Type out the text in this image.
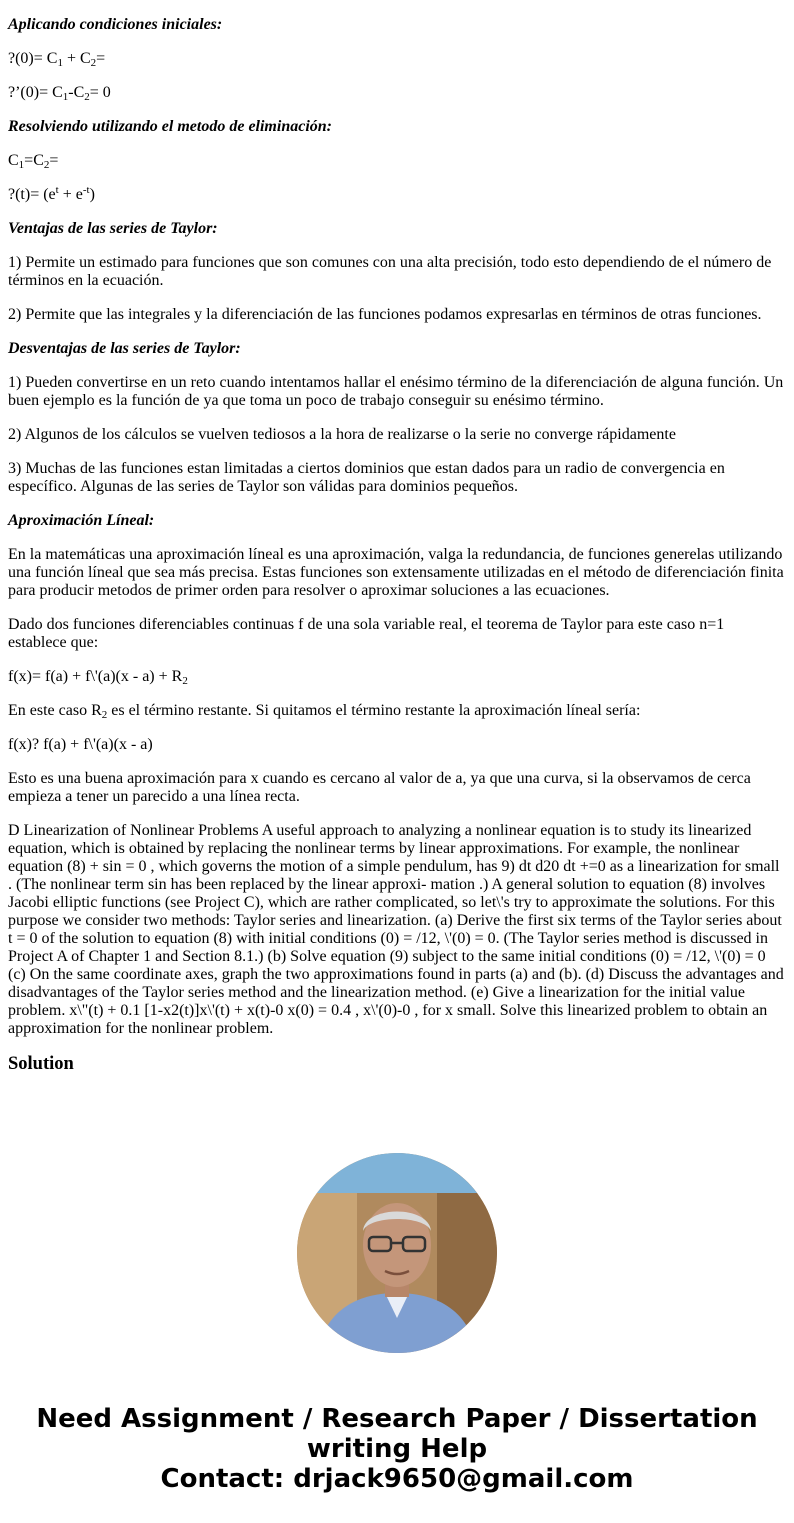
Aplicando condiciones iniciales:

?(0)= $C_1 + C_2=$

?’(0)= $C_1-C_2= 0$

Resolviendo utilizando el metodo de eliminación:

$C_1=C_2=$

?(t)= $(e^t + e^{-t})$

Ventajas de las series de Taylor:

1) Permite un estimado para funciones que son comunes con una alta precisión, todo esto dependiendo de el número de términos en la ecuación.

2) Permite que las integrales y la diferenciación de las funciones podamos expresarlas en términos de otras funciones.

Desventajas de las series de Taylor:

1) Pueden convertirse en un reto cuando intentamos hallar el enésimo término de la diferenciación de alguna función. Un buen ejemplo es la función de ya que toma un poco de trabajo conseguir su enésimo término.

2) Algunos de los cálculos se vuelven tediosos a la hora de realizarse o la serie no converge rápidamente

3) Muchas de las funciones estan limitadas a ciertos dominios que estan dados para un radio de convergencia en específico. Algunas de las series de Taylor son válidas para dominios pequeños.

Aproximación Líneal:

En la matemáticas una aproximación líneal es una aproximación, valga la redundancia, de funciones generelas utilizando una función líneal que sea más precisa. Estas funciones son extensamente utilizadas en el método de diferenciación finita para producir metodos de primer orden para resolver o aproximar soluciones a las ecuaciones.

Dado dos funciones diferenciables continuas f de una sola variable real, el teorema de Taylor para este caso n=1 establece que:

f(x)= f(a) + f\'(a)(x - $a) + R_2$

En este caso $R_2$ es el término restante. Si quitamos el término restante la aproximación líneal sería:

f(x)? f(a) + f\'(a)(x - a)

Esto es una buena aproximación para x cuando es cercano al valor de a, ya que una curva, si la observamos de cerca empieza a tener un parecido a una línea recta.

D Linearization of Nonlinear Problems A useful approach to analyzing a nonlinear equation is to study its linearized equation, which is obtained by replacing the nonlinear terms by linear approximations. For example, the nonlinear equation (8) + sin = 0 , which governs the motion of a simple pendulum, has 9) dt d20 dt +=0 as a linearization for small . (The nonlinear term sin has been replaced by the linear approxi- mation .) A general solution to equation (8) involves Jacobi elliptic functions (see Project C), which are rather complicated, so let\'s try to approximate the solutions. For this purpose we consider two methods: Taylor series and linearization. (a) Derive the first six terms of the Taylor series about t = 0 of the solution to equation (8) with initial conditions (0) = /12, \'(0) = 0. (The Taylor series method is discussed in Project A of Chapter 1 and Section 8.1.) (b) Solve equation (9) subject to the same initial conditions (0) = /12, \'(0) = 0 (c) On the same coordinate axes, graph the two approximations found in parts (a) and (b). (d) Discuss the advantages and disadvantages of the Taylor series method and the linearization method. (e) Give a linearization for the initial value problem. x\"(t) + 0.1 [1-x2(t)]x\'(t) + x(t)-0 x(0) = 0.4 , x\'(0)-0 , for x small. Solve this linearized problem to obtain an approximation for the nonlinear problem.

Solution
Need Assignment / Research Paper / Dissertation
writing Help
Contact: drjack9650@gmail.com
